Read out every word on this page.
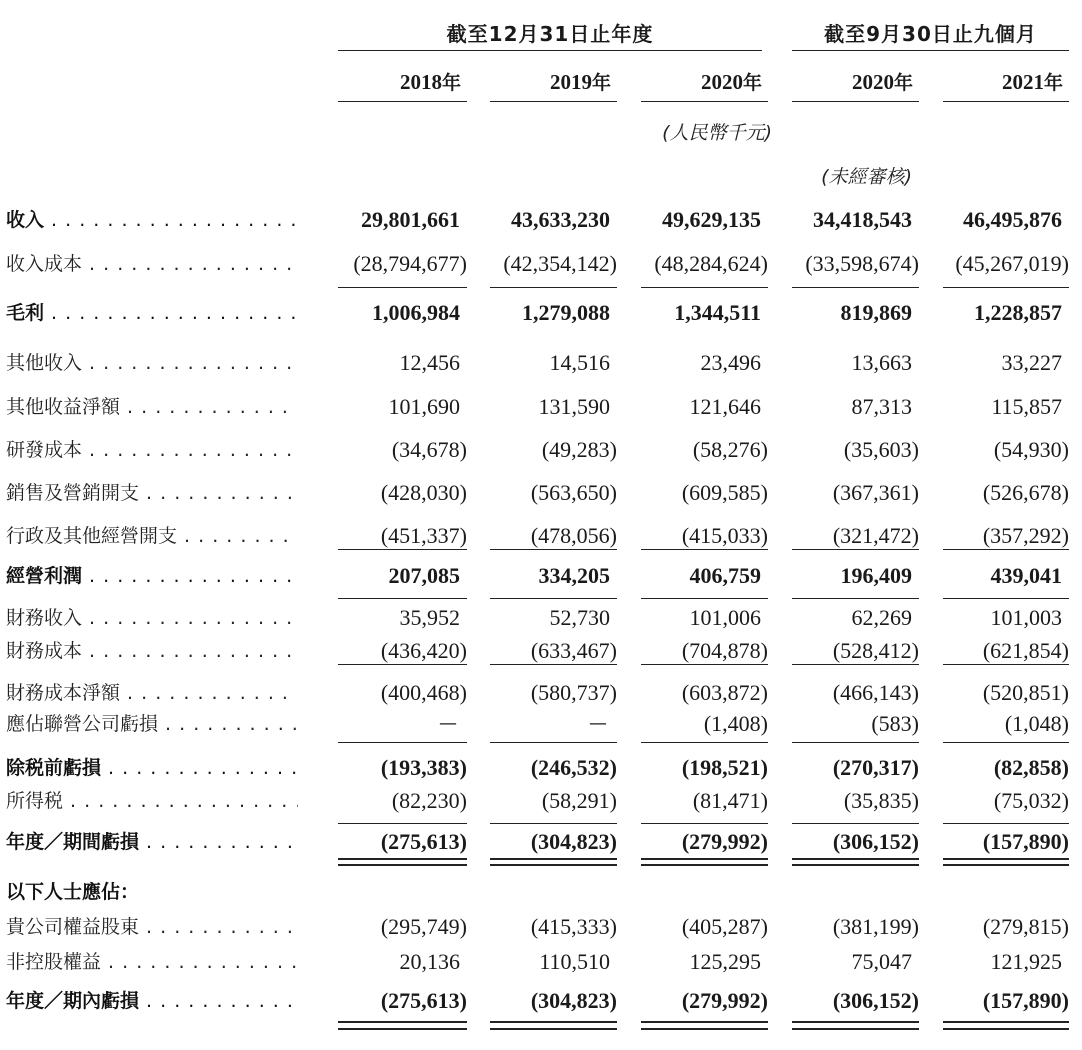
截至12月31日止年度	截至9月30日止九個月
2018年	2019年	2020年	2020年	2021年
(人民幣千元)
(未經審核)
收入 . . .	29,801,661 43,633,230 49,629,135 34,418,543 46,495,876
收入成本 . . .	(28,794,677) (42,354,142) (48,284,624) (33,598,674) (45,267,019)
毛利 . . .	1,006,984	1,279,088	1,344,511	819,869	1,228,857
其他收入 . . .	12,456	14,516	23,496	13,663	33,227
其他收益淨額 . . .	101,690	131,590	121,646	87,313	115,857
研發成本 . . .	(34,678)	(49,283)	(58,276)	(35,603)	(54,930)
銷售及營銷開支 . . .	(428,030)	(563,650)	(609,585)	(367,361)	(526,678)
行政及其他經營開支 . . .	(451,337)	(478,056)	(415,033)	(321,472)	(357,292)
經營利潤 . . .	207,085	334,205	406,759	196,409	439,041
財務收入 . . .	35,952	52,730	101,006	62,269	101,003
財務成本 . . .	(436,420)	(633,467)	(704,878)	(528,412)	(621,854)
財務成本淨額 . . .	(400,468)	(580,737)	(603,872)	(466,143)	(520,851)
應佔聯營公司虧損 . . .	—	—	(1,408)	(583)	(1,048)
除税前虧損 . . .	(193,383)	(246,532)	(198,521)	(270,317)	(82,858)
所得税 . . .	(82,230)	(58,291)	(81,471)	(35,835)	(75,032)
年度／期間虧損 . . .	(275,613)	(304,823)	(279,992)	(306,152)	(157,890)
以下人士應佔：
貴公司權益股東 . . .	(295,749)	(415,333)	(405,287)	(381,199)	(279,815)
非控股權益 . . .	20,136	110,510	125,295	75,047	121,925
年度／期內虧損 . . .	(275,613)	(304,823)	(279,992)	(306,152)	(157,890)
